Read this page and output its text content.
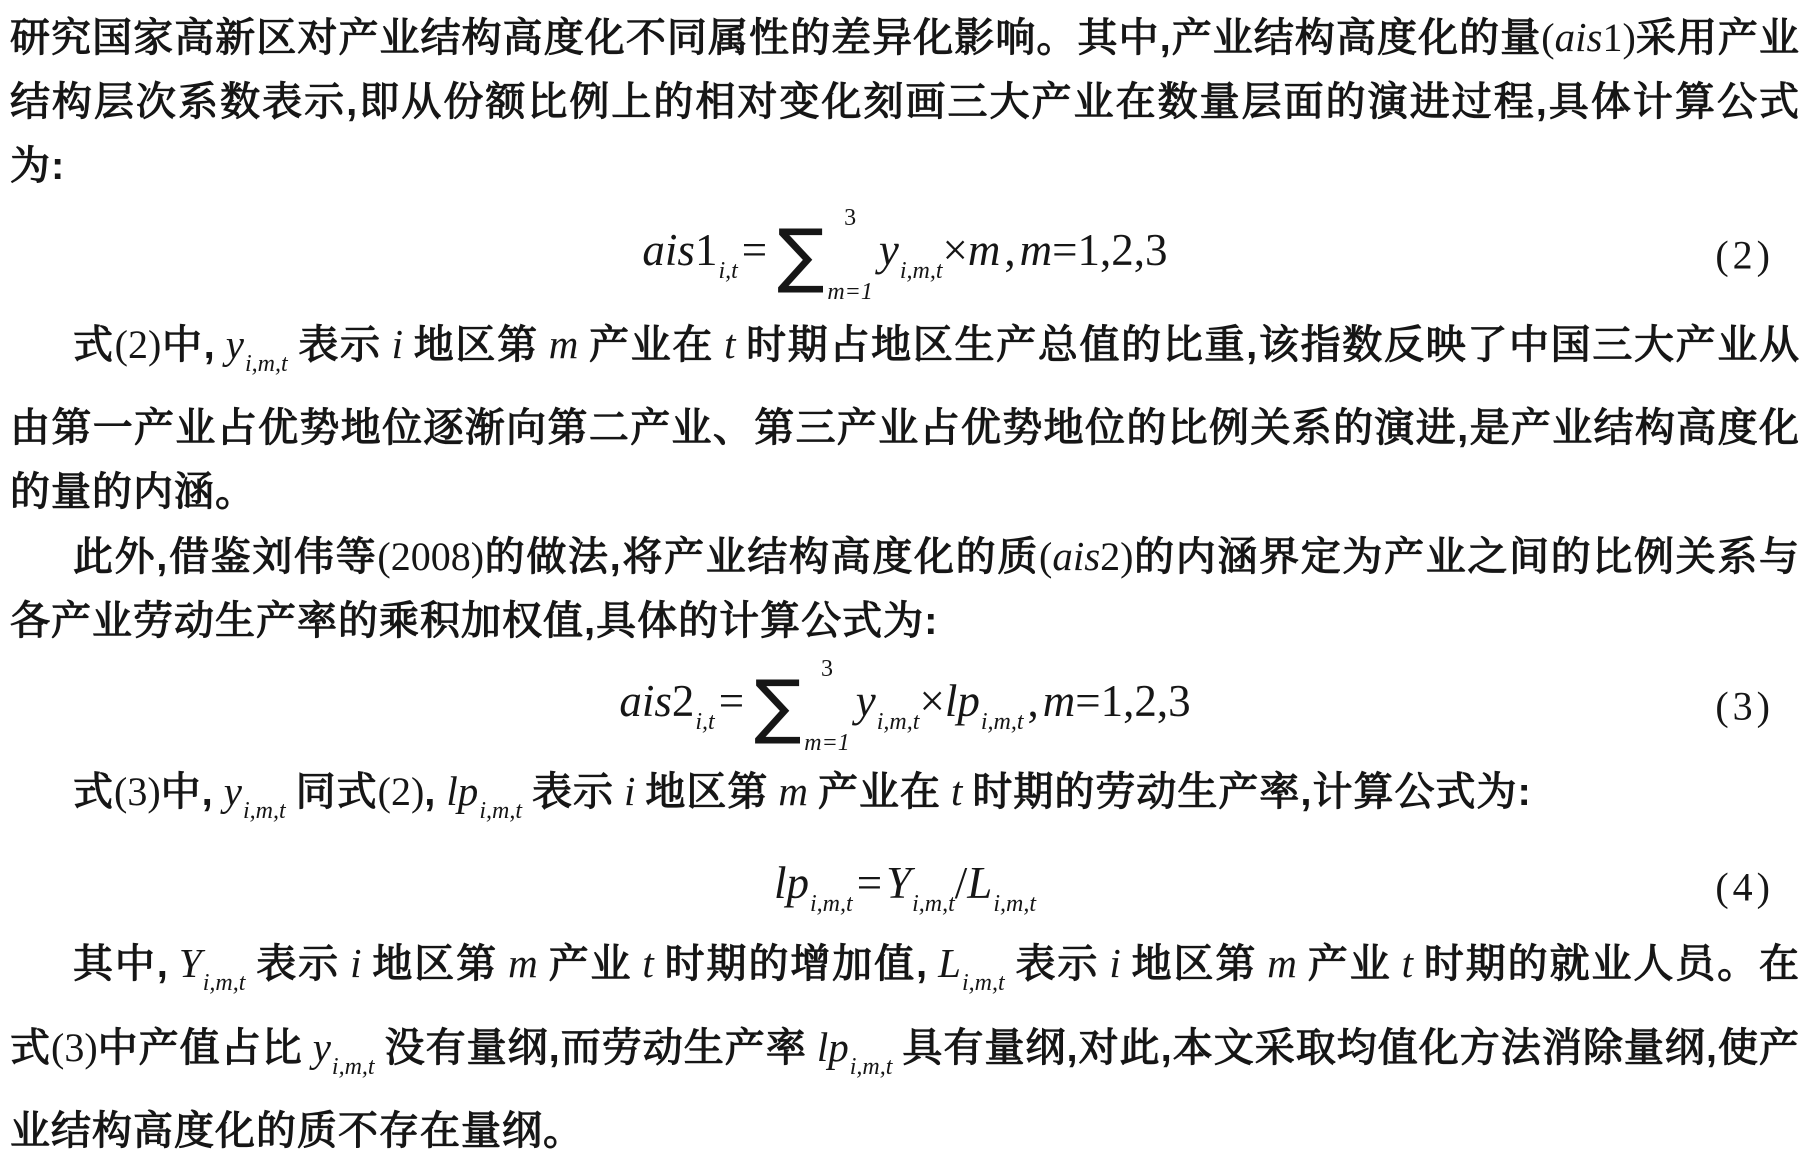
研究国家高新区对产业结构高度化不同属性的差异化影响。其中,产业结构高度化的量(ais1)采用产业结构层次系数表示,即从份额比例上的相对变化刻画三大产业在数量层面的演进过程,具体计算公式为:

$ais1_{i,t}=$ ∑ 3
m=1
$y_{i,m,t}\times m,m=1,2,3$	(2)

式(2)中, $y_{i,m,t}$ 表示 i 地区第 m 产业在 t 时期占地区生产总值的比重,该指数反映了中国三大产业从由第一产业占优势地位逐渐向第二产业、第三产业占优势地位的比例关系的演进,是产业结构高度化的量的内涵。

此外,借鉴刘伟等(2008)的做法,将产业结构高度化的质(ais2)的内涵界定为产业之间的比例关系与各产业劳动生产率的乘积加权值,具体的计算公式为:

$ais2_{i,t}=$ ∑ 3
m=1
$y_{i,m,t}\times lp_{i,m,t},m=1,2,3$	(3)

式(3)中, $y_{i,m,t}$ 同式(2), $lp_{i,m,t}$ 表示 i 地区第 m 产业在 t 时期的劳动生产率,计算公式为:

$lp_{i,m,t}=Y_{i,m,t}/L_{i,m,t}$	(4)

其中, $Y_{i,m,t}$ 表示 i 地区第 m 产业 t 时期的增加值, $L_{i,m,t}$ 表示 i 地区第 m 产业 t 时期的就业人员。在式(3)中产值占比 $y_{i,m,t}$ 没有量纲,而劳动生产率 $lp_{i,m,t}$ 具有量纲,对此,本文采取均值化方法消除量纲,使产业结构高度化的质不存在量纲。
